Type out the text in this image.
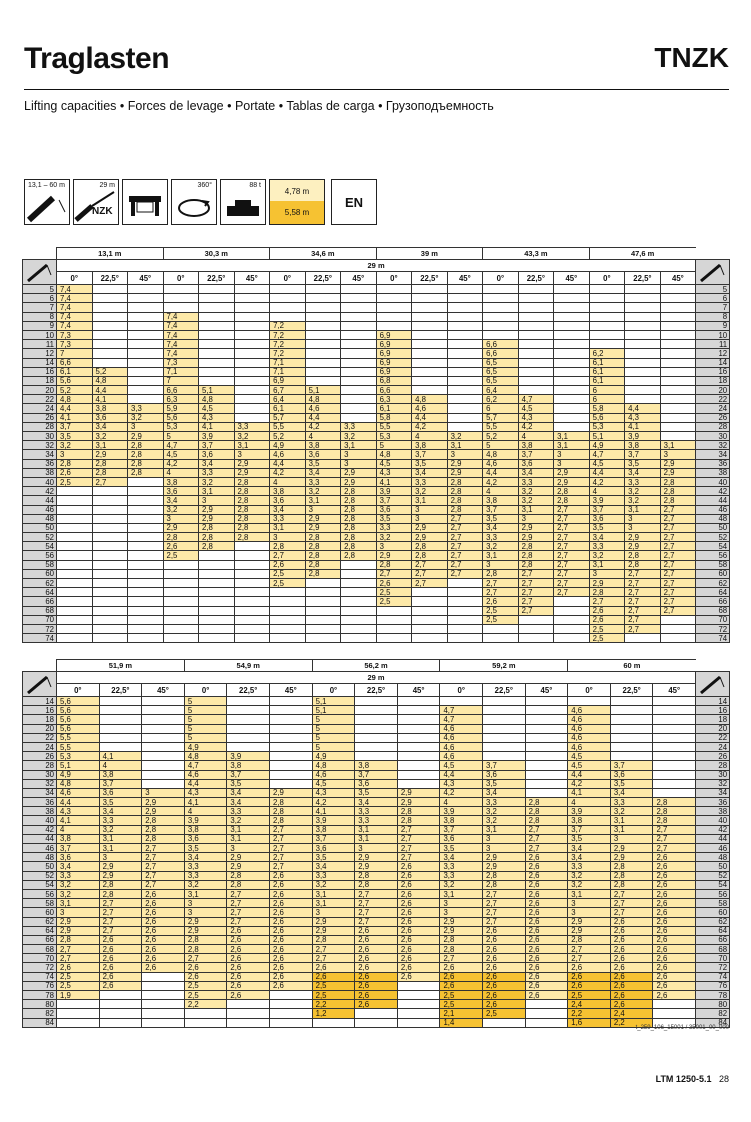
Traglasten	TNZK
Lifting capacities • Forces de levage • Portate • Tablas de carga • Грузоподъемность
13,1 – 60 m	29 m
NZK
360°	88 t
4,78 m
5,58 m
EN
	13,1 m			30,3 m			34,6 m			39 m			43,3 m			47,6 m			
	29 m	
	0°	22,5°	45°	0°	22,5°	45°	0°	22,5°	45°	0°	22,5°	45°	0°	22,5°	45°	0°	22,5°	45°	
5	7,4																		5
6	7,4																		6
7	7,4																		7
8	7,4			7,4															8
9	7,4			7,4			7,2												9
10	7,3			7,4			7,2			6,9									10
11	7,3			7,4			7,2			6,9			6,6						11
12	7			7,4			7,2			6,9			6,6			6,2			12
14	6,6			7,3			7,1			6,9			6,5			6,1			14
16	6,1	5,2		7,1			7,1			6,9			6,5			6,1			16
18	5,6	4,8		7			6,9			6,8			6,5			6,1			18
20	5,2	4,4		6,6	5,1		6,7	5,1		6,6			6,4			6			20
22	4,8	4,1		6,3	4,8		6,4	4,8		6,3	4,8		6,2	4,7		6			22
24	4,4	3,8	3,3	5,9	4,5		6,1	4,6		6,1	4,6		6	4,5		5,8	4,4		24
26	4,1	3,6	3,2	5,6	4,3		5,7	4,4		5,8	4,4		5,7	4,3		5,6	4,3		26
28	3,7	3,4	3	5,3	4,1	3,3	5,5	4,2	3,3	5,5	4,2		5,5	4,2		5,3	4,1		28
30	3,5	3,2	2,9	5	3,9	3,2	5,2	4	3,2	5,3	4	3,2	5,2	4	3,1	5,1	3,9		30
32	3,2	3,1	2,8	4,7	3,7	3,1	4,9	3,8	3,1	5	3,8	3,1	5	3,8	3,1	4,9	3,8	3,1	32
34	3	2,9	2,8	4,5	3,6	3	4,6	3,6	3	4,8	3,7	3	4,8	3,7	3	4,7	3,7	3	34
36	2,8	2,8	2,8	4,2	3,4	2,9	4,4	3,5	3	4,5	3,5	2,9	4,6	3,6	3	4,5	3,5	2,9	36
38	2,6	2,8	2,8	4	3,3	2,9	4,2	3,4	2,9	4,3	3,4	2,9	4,4	3,4	2,9	4,4	3,4	2,9	38
40	2,5	2,7		3,8	3,2	2,8	4	3,3	2,9	4,1	3,3	2,8	4,2	3,3	2,9	4,2	3,3	2,8	40
42				3,6	3,1	2,8	3,8	3,2	2,8	3,9	3,2	2,8	4	3,2	2,8	4	3,2	2,8	42
44				3,4	3	2,8	3,6	3,1	2,8	3,7	3,1	2,8	3,8	3,2	2,8	3,9	3,2	2,8	44
46				3,2	2,9	2,8	3,4	3	2,8	3,6	3	2,8	3,7	3,1	2,7	3,7	3,1	2,7	46
48				3	2,9	2,8	3,3	2,9	2,8	3,5	3	2,7	3,5	3	2,7	3,6	3	2,7	48
50				2,9	2,8	2,8	3,1	2,9	2,8	3,3	2,9	2,7	3,4	2,9	2,7	3,5	3	2,7	50
52				2,8	2,8	2,8	3	2,8	2,8	3,2	2,9	2,7	3,3	2,9	2,7	3,4	2,9	2,7	52
54				2,6	2,8		2,8	2,8	2,8	3	2,8	2,7	3,2	2,8	2,7	3,3	2,9	2,7	54
56				2,5			2,7	2,8	2,8	2,9	2,8	2,7	3,1	2,8	2,7	3,2	2,8	2,7	56
58							2,6	2,8		2,8	2,7	2,7	3	2,8	2,7	3,1	2,8	2,7	58
60							2,5	2,8		2,7	2,7	2,7	2,8	2,7	2,7	3	2,7	2,7	60
62							2,5			2,6	2,7		2,7	2,7	2,7	2,9	2,7	2,7	62
64										2,5			2,7	2,7	2,7	2,8	2,7	2,7	64
66										2,5			2,6	2,7		2,7	2,7	2,7	66
68													2,5	2,7		2,6	2,7	2,7	68
70													2,5			2,6	2,7		70
72																2,5	2,7		72
74																2,5			74
	51,9 m			54,9 m			56,2 m			59,2 m			60 m			
	29 m	
	0°	22,5°	45°	0°	22,5°	45°	0°	22,5°	45°	0°	22,5°	45°	0°	22,5°	45°	
14	5,6			5			5,1									14
16	5,6			5			5,1			4,7			4,6			16
18	5,6			5			5			4,7			4,6			18
20	5,6			5			5			4,6			4,6			20
22	5,5			5			5			4,6			4,6			22
24	5,5			4,9			5			4,6			4,6			24
26	5,3	4,1		4,8	3,9		4,9			4,6			4,5			26
28	5,1	4		4,7	3,8		4,8	3,8		4,5	3,7		4,5	3,7		28
30	4,9	3,8		4,6	3,7		4,6	3,7		4,4	3,6		4,4	3,6		30
32	4,8	3,7		4,4	3,5		4,5	3,6		4,3	3,5		4,2	3,5		32
34	4,6	3,6	3	4,3	3,4	2,9	4,3	3,5	2,9	4,2	3,4		4,1	3,4		34
36	4,4	3,5	2,9	4,1	3,4	2,8	4,2	3,4	2,9	4	3,3	2,8	4	3,3	2,8	36
38	4,3	3,4	2,9	4	3,3	2,8	4,1	3,3	2,8	3,9	3,2	2,8	3,9	3,2	2,8	38
40	4,1	3,3	2,8	3,9	3,2	2,8	3,9	3,3	2,8	3,8	3,2	2,8	3,8	3,1	2,8	40
42	4	3,2	2,8	3,8	3,1	2,7	3,8	3,1	2,7	3,7	3,1	2,7	3,7	3,1	2,7	42
44	3,8	3,1	2,8	3,6	3,1	2,7	3,7	3,1	2,7	3,6	3	2,7	3,5	3	2,7	44
46	3,7	3,1	2,7	3,5	3	2,7	3,6	3	2,7	3,5	3	2,7	3,4	2,9	2,7	46
48	3,6	3	2,7	3,4	2,9	2,7	3,5	2,9	2,7	3,4	2,9	2,6	3,4	2,9	2,6	48
50	3,4	2,9	2,7	3,3	2,9	2,7	3,4	2,9	2,6	3,3	2,9	2,6	3,3	2,8	2,6	50
52	3,3	2,9	2,7	3,3	2,8	2,6	3,3	2,8	2,6	3,3	2,8	2,6	3,2	2,8	2,6	52
54	3,2	2,8	2,7	3,2	2,8	2,6	3,2	2,8	2,6	3,2	2,8	2,6	3,2	2,8	2,6	54
56	3,2	2,8	2,6	3,1	2,7	2,6	3,1	2,7	2,6	3,1	2,7	2,6	3,1	2,7	2,6	56
58	3,1	2,7	2,6	3	2,7	2,6	3,1	2,7	2,6	3	2,7	2,6	3	2,7	2,6	58
60	3	2,7	2,6	3	2,7	2,6	3	2,7	2,6	3	2,7	2,6	3	2,7	2,6	60
62	2,9	2,7	2,6	2,9	2,7	2,6	2,9	2,7	2,6	2,9	2,7	2,6	2,9	2,6	2,6	62
64	2,9	2,7	2,6	2,9	2,6	2,6	2,9	2,6	2,6	2,9	2,6	2,6	2,9	2,6	2,6	64
66	2,8	2,6	2,6	2,8	2,6	2,6	2,8	2,6	2,6	2,8	2,6	2,6	2,8	2,6	2,6	66
68	2,7	2,6	2,6	2,8	2,6	2,6	2,7	2,6	2,6	2,8	2,6	2,6	2,7	2,6	2,6	68
70	2,7	2,6	2,6	2,7	2,6	2,6	2,7	2,6	2,6	2,7	2,6	2,6	2,7	2,6	2,6	70
72	2,6	2,6	2,6	2,6	2,6	2,6	2,6	2,6	2,6	2,6	2,6	2,6	2,6	2,6	2,6	72
74	2,5	2,6		2,6	2,6	2,6	2,6	2,6	2,6	2,6	2,6	2,6	2,6	2,6	2,6	74
76	2,5	2,6		2,5	2,6	2,6	2,5	2,6		2,6	2,6	2,6	2,6	2,6	2,6	76
78	1,9			2,5	2,6		2,5	2,6		2,5	2,6	2,6	2,5	2,6	2,6	78
80				2,2			2,2	2,6		2,5	2,6		2,4	2,6		80
82							1,2			2,1	2,5		2,2	2,4		82
84										1,4			1,6	2,2		84
t_259_106_15001 / 35001_00_000
LTM 1250-5.1 28
